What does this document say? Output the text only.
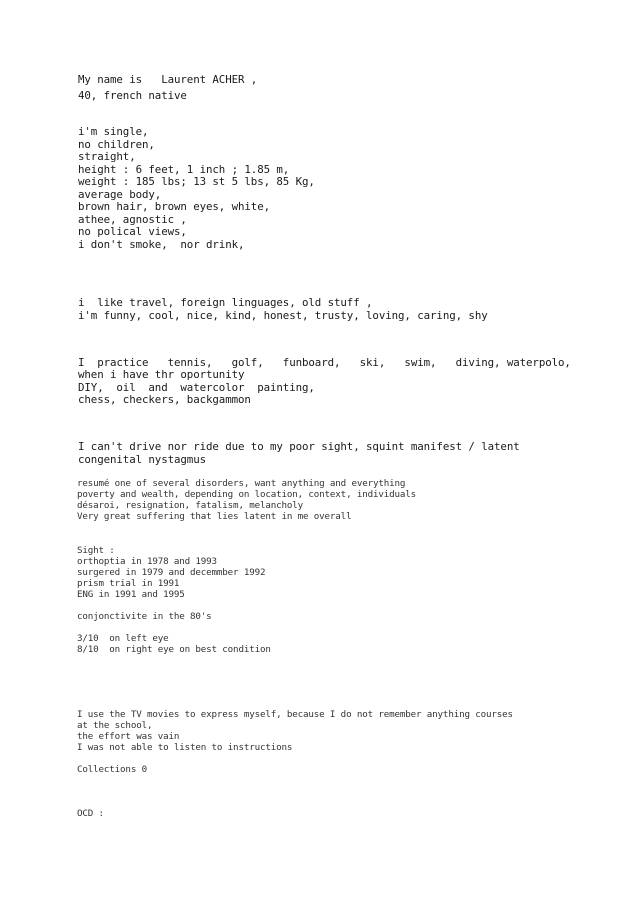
My name is   Laurent ACHER ,
40, french native
i'm single,
no children,
straight,
height : 6 feet, 1 inch ; 1.85 m,
weight : 185 lbs; 13 st 5 lbs, 85 Kg,
average body,
brown hair, brown eyes, white,
athee, agnostic ,
no polical views,
i don't smoke,  nor drink,
i  like travel, foreign linguages, old stuff ,
i'm funny, cool, nice, kind, honest, trusty, loving, caring, shy
I  practice   tennis,   golf,   funboard,   ski,   swim,   diving, waterpolo,
when i have thr oportunity
DIY,  oil  and  watercolor  painting,
chess, checkers, backgammon
I can't drive nor ride due to my poor sight, squint manifest / latent
congenital nystagmus
resumé one of several disorders, want anything and everything
poverty and wealth, depending on location, context, individuals
désaroi, resignation, fatalism, melancholy
Very great suffering that lies latent in me overall
Sight :
orthoptia in 1978 and 1993
surgered in 1979 and decemmber 1992
prism trial in 1991
ENG in 1991 and 1995
conjonctivite in the 80's
3/10  on left eye
8/10  on right eye on best condition
I use the TV movies to express myself, because I do not remember anything courses
at the school,
the effort was vain
I was not able to listen to instructions
Collections 0
OCD :
